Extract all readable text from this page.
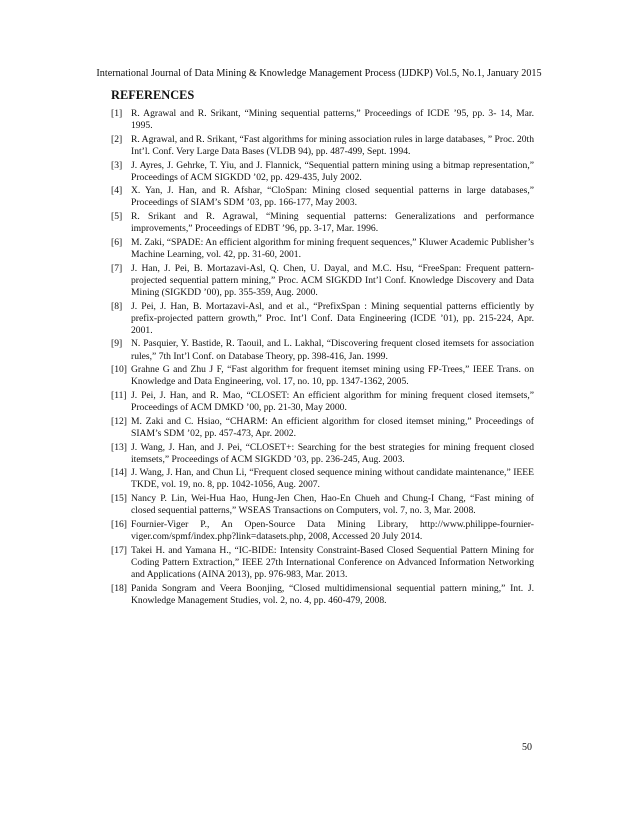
International Journal of Data Mining & Knowledge Management Process (IJDKP) Vol.5, No.1, January 2015
REFERENCES
[1] R. Agrawal and R. Srikant, “Mining sequential patterns,” Proceedings of ICDE ’95, pp. 3- 14, Mar. 1995.
[2] R. Agrawal, and R. Srikant, “Fast algorithms for mining association rules in large databases, ” Proc. 20th Int’l. Conf. Very Large Data Bases (VLDB 94), pp. 487-499, Sept. 1994.
[3] J. Ayres, J. Gehrke, T. Yiu, and J. Flannick, “Sequential pattern mining using a bitmap representation,” Proceedings of ACM SIGKDD ’02, pp. 429-435, July 2002.
[4] X. Yan, J. Han, and R. Afshar, “CloSpan: Mining closed sequential patterns in large databases,” Proceedings of SIAM’s SDM ’03, pp. 166-177, May 2003.
[5] R. Srikant and R. Agrawal, “Mining sequential patterns: Generalizations and performance improvements,” Proceedings of EDBT ’96, pp. 3-17, Mar. 1996.
[6] M. Zaki, “SPADE: An efficient algorithm for mining frequent sequences,” Kluwer Academic Publisher’s Machine Learning, vol. 42, pp. 31-60, 2001.
[7] J. Han, J. Pei, B. Mortazavi-Asl, Q. Chen, U. Dayal, and M.C. Hsu, “FreeSpan: Frequent pattern-projected sequential pattern mining,” Proc. ACM SIGKDD Int’l Conf. Knowledge Discovery and Data Mining (SIGKDD ’00), pp. 355-359, Aug. 2000.
[8] J. Pei, J. Han, B. Mortazavi-Asl, and et al., “PrefixSpan : Mining sequential patterns efficiently by prefix-projected pattern growth,” Proc. Int’l Conf. Data Engineering (ICDE ’01), pp. 215-224, Apr. 2001.
[9] N. Pasquier, Y. Bastide, R. Taouil, and L. Lakhal, “Discovering frequent closed itemsets for association rules,” 7th Int’l Conf. on Database Theory, pp. 398-416, Jan. 1999.
[10] Grahne G and Zhu J F, “Fast algorithm for frequent itemset mining using FP-Trees,” IEEE Trans. on Knowledge and Data Engineering, vol. 17, no. 10, pp. 1347-1362, 2005.
[11] J. Pei, J. Han, and R. Mao, “CLOSET: An efficient algorithm for mining frequent closed itemsets,” Proceedings of ACM DMKD ’00, pp. 21-30, May 2000.
[12] M. Zaki and C. Hsiao, “CHARM: An efficient algorithm for closed itemset mining,” Proceedings of SIAM’s SDM ’02, pp. 457-473, Apr. 2002.
[13] J. Wang, J. Han, and J. Pei, “CLOSET+: Searching for the best strategies for mining frequent closed itemsets,” Proceedings of ACM SIGKDD ’03, pp. 236-245, Aug. 2003.
[14] J. Wang, J. Han, and Chun Li, “Frequent closed sequence mining without candidate maintenance,” IEEE TKDE, vol. 19, no. 8, pp. 1042-1056, Aug. 2007.
[15] Nancy P. Lin, Wei-Hua Hao, Hung-Jen Chen, Hao-En Chueh and Chung-I Chang, “Fast mining of closed sequential patterns,” WSEAS Transactions on Computers, vol. 7, no. 3, Mar. 2008.
[16] Fournier-Viger P., An Open-Source Data Mining Library, http://www.philippe-fournier-viger.com/spmf/index.php?link=datasets.php, 2008, Accessed 20 July 2014.
[17] Takei H. and Yamana H., “IC-BIDE: Intensity Constraint-Based Closed Sequential Pattern Mining for Coding Pattern Extraction,” IEEE 27th International Conference on Advanced Information Networking and Applications (AINA 2013), pp. 976-983, Mar. 2013.
[18] Panida Songram and Veera Boonjing, “Closed multidimensional sequential pattern mining,” Int. J. Knowledge Management Studies, vol. 2, no. 4, pp. 460-479, 2008.
50
